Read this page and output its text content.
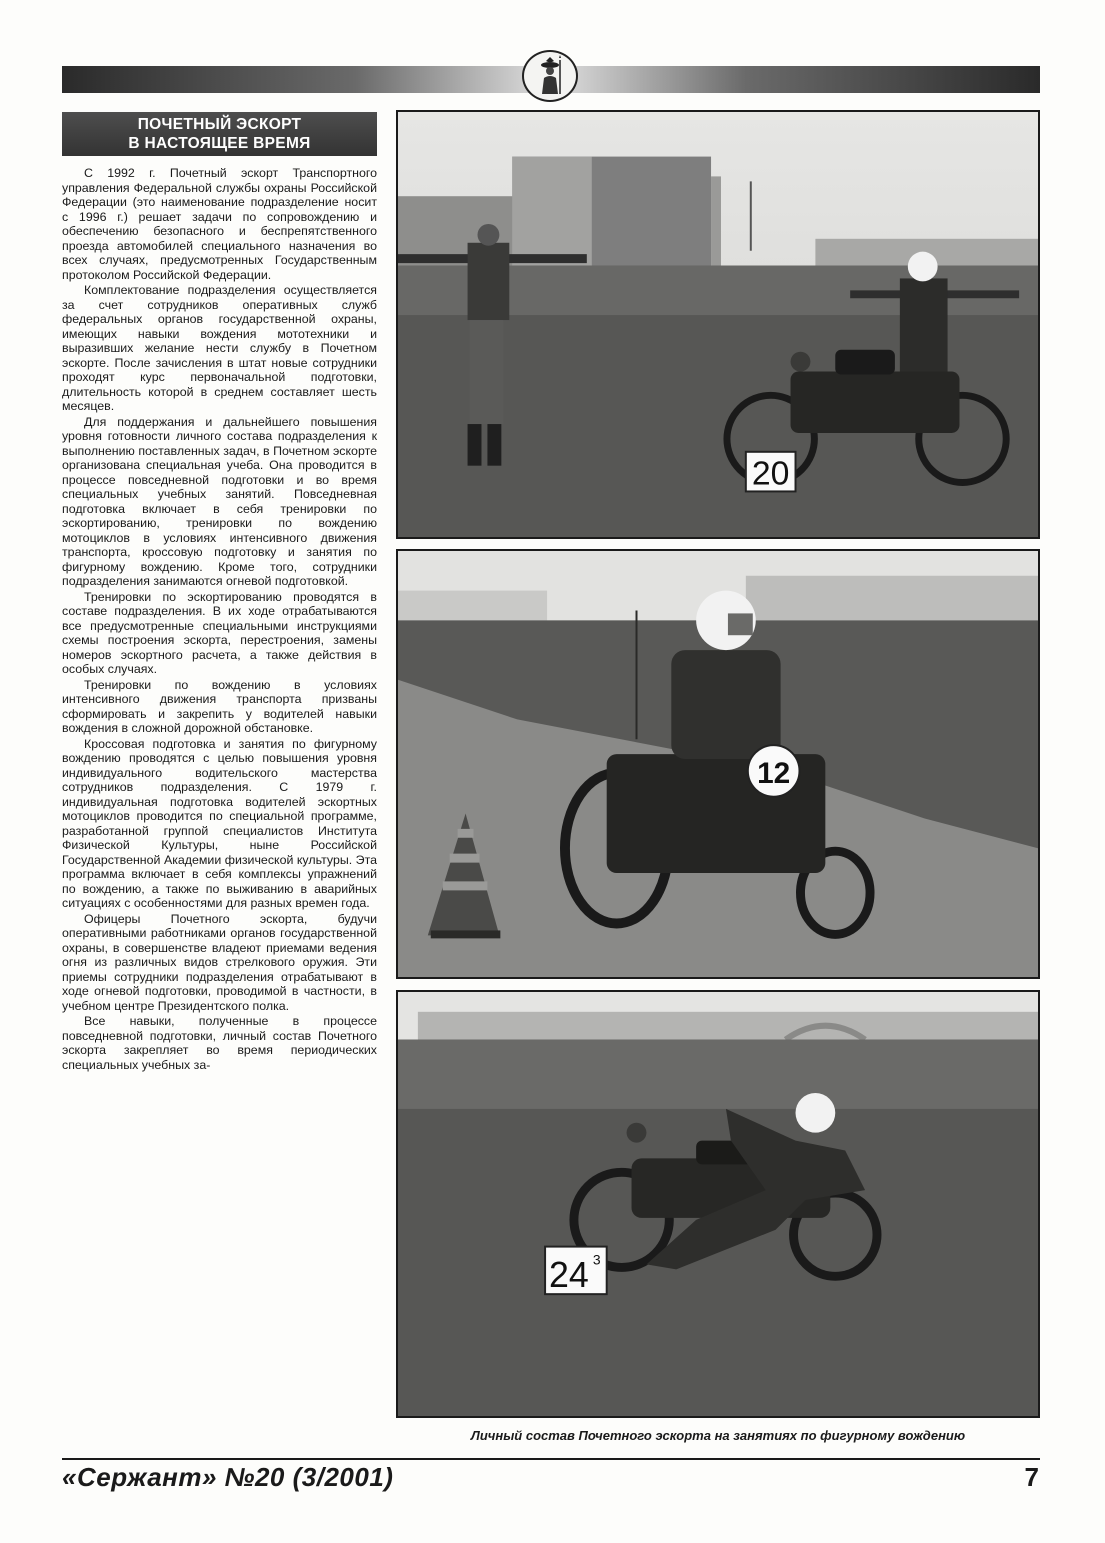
ПОЧЕТНЫЙ ЭСКОРТ
В НАСТОЯЩЕЕ ВРЕМЯ

С 1992 г. Почетный эскорт Транспортного управления Федеральной службы охраны Российской Федерации (это наименование подразделение носит с 1996 г.) решает задачи по сопровождению и обеспечению безопасного и беспрепятственного проезда автомобилей специального назначения во всех случаях, предусмотренных Государственным протоколом Российской Федерации.

Комплектование подразделения осуществляется за счет сотрудников оперативных служб федеральных органов государственной охраны, имеющих навыки вождения мототехники и выразивших желание нести службу в Почетном эскорте. После зачисления в штат новые сотрудники проходят курс первоначальной подготовки, длительность которой в среднем составляет шесть месяцев.

Для поддержания и дальнейшего повышения уровня готовности личного состава подразделения к выполнению поставленных задач, в Почетном эскорте организована специальная учеба. Она проводится в процессе повседневной подготовки и во время специальных учебных занятий. Повседневная подготовка включает в себя тренировки по эскортированию, тренировки по вождению мотоциклов в условиях интенсивного движения транспорта, кроссовую подготовку и занятия по фигурному вождению. Кроме того, сотрудники подразделения занимаются огневой подготовкой.

Тренировки по эскортированию проводятся в составе подразделения. В их ходе отрабатываются все предусмотренные специальными инструкциями схемы построения эскорта, перестроения, замены номеров эскортного расчета, а также действия в особых случаях.

Тренировки по вождению в условиях интенсивного движения транспорта призваны сформировать и закрепить у водителей навыки вождения в сложной дорожной обстановке.

Кроссовая подготовка и занятия по фигурному вождению проводятся с целью повышения уровня индивидуального водительского мастерства сотрудников подразделения. С 1979 г. индивидуальная подготовка водителей эскортных мотоциклов проводится по специальной программе, разработанной группой специалистов Института Физической Культуры, ныне Российской Государственной Академии физической культуры. Эта программа включает в себя комплексы упражнений по вождению, а также по выживанию в аварийных ситуациях с особенностями для разных времен года.

Офицеры Почетного эскорта, будучи оперативными работниками органов государственной охраны, в совершенстве владеют приемами ведения огня из различных видов стрелкового оружия. Эти приемы сотрудники подразделения отрабатывают в ходе огневой подготовки, проводимой в частности, в учебном центре Президентского полка.

Все навыки, полученные в процессе повседневной подготовки, личный состав Почетного эскорта закрепляет во время периодических специальных учебных за-

20
12
24 3
Личный состав Почетного эскорта на занятиях по фигурному вождению
«Сержант» №20 (3/2001)	7
